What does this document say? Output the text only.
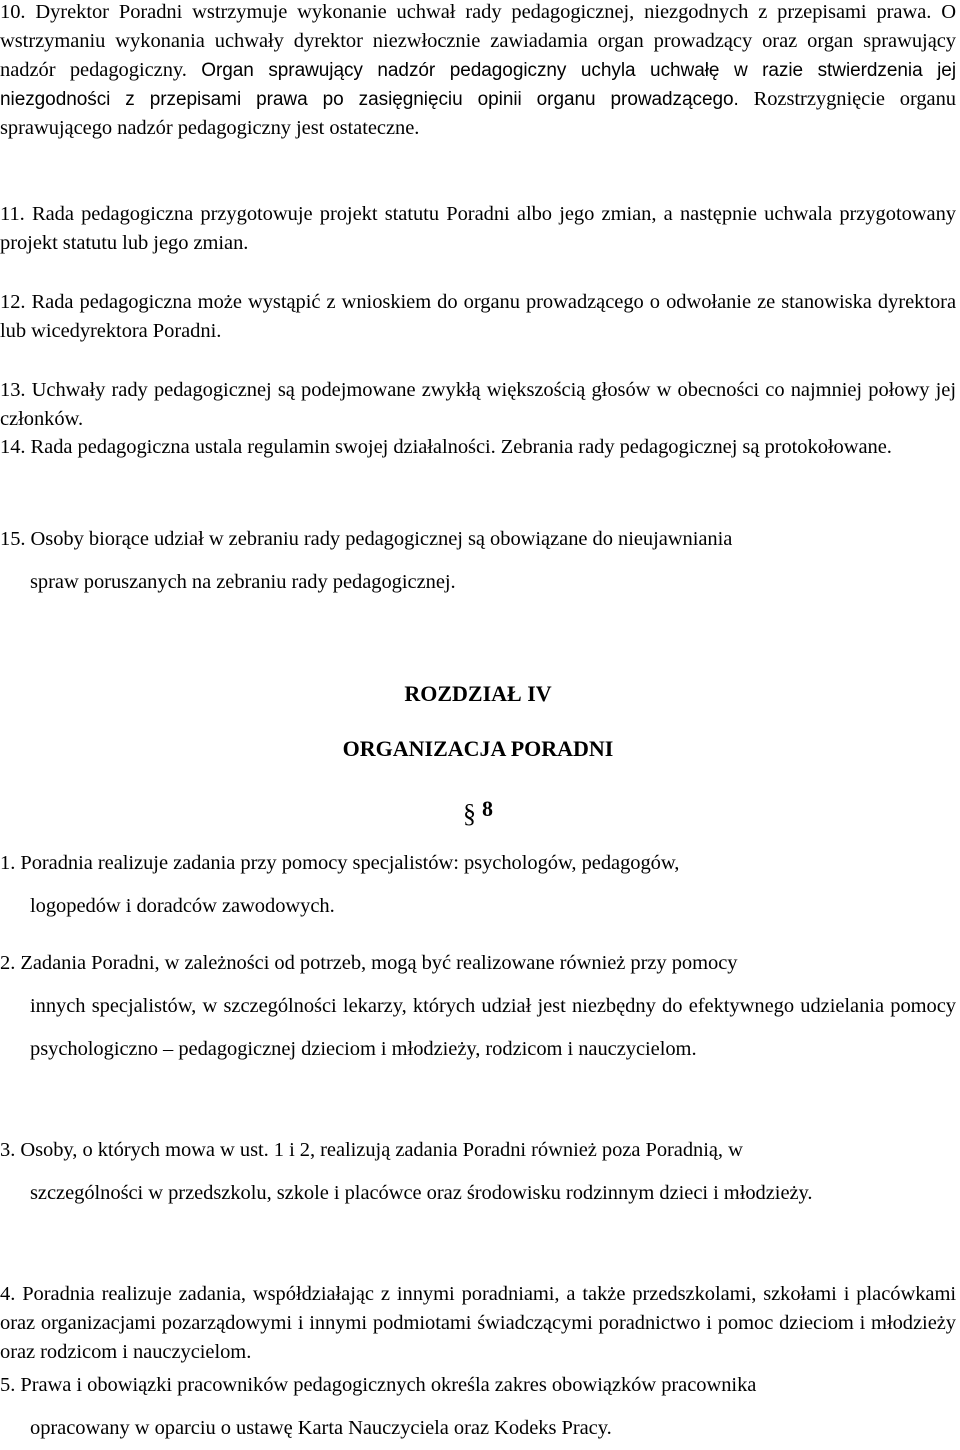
10. Dyrektor Poradni wstrzymuje wykonanie uchwał rady pedagogicznej, niezgodnych z przepisami prawa. O wstrzymaniu wykonania uchwały dyrektor niezwłocznie zawiadamia organ prowadzący oraz organ sprawujący nadzór pedagogiczny. Organ sprawujący nadzór pedagogiczny uchyla uchwałę w razie stwierdzenia jej niezgodności z przepisami prawa po zasięgnięciu opinii organu prowadzącego. Rozstrzygnięcie organu sprawującego nadzór pedagogiczny jest ostateczne.

11. Rada pedagogiczna przygotowuje projekt statutu Poradni albo jego zmian, a następnie uchwala przygotowany projekt statutu lub jego zmian.

12. Rada pedagogiczna może wystąpić z wnioskiem do organu prowadzącego o odwołanie ze stanowiska dyrektora lub wicedyrektora Poradni.

13. Uchwały rady pedagogicznej są podejmowane zwykłą większością głosów w obecności co najmniej połowy jej członków.

14. Rada pedagogiczna ustala regulamin swojej działalności. Zebrania rady pedagogicznej są protokołowane.

15. Osoby biorące udział w zebraniu rady pedagogicznej są obowiązane do nieujawniania
spraw poruszanych na zebraniu rady pedagogicznej.

ROZDZIAŁ IV

ORGANIZACJA PORADNI

§ 8

1. Poradnia realizuje zadania przy pomocy specjalistów: psychologów, pedagogów,
logopedów i doradców zawodowych.

2. Zadania Poradni, w zależności od potrzeb, mogą być realizowane również przy pomocy

innych specjalistów, w szczególności lekarzy, których udział jest niezbędny do efektywnego udzielania pomocy psychologiczno – pedagogicznej dzieciom i młodzieży, rodzicom i nauczycielom.

3. Osoby, o których mowa w ust. 1 i 2, realizują zadania Poradni również poza Poradnią, w

szczególności w przedszkolu, szkole i placówce oraz środowisku rodzinnym dzieci i młodzieży.

4. Poradnia realizuje zadania, współdziałając z innymi poradniami, a także przedszkolami, szkołami i placówkami oraz organizacjami pozarządowymi i innymi podmiotami świadczącymi poradnictwo i pomoc dzieciom i młodzieży oraz rodzicom i nauczycielom.

5. Prawa i obowiązki pracowników pedagogicznych określa zakres obowiązków pracownika
opracowany w oparciu o ustawę Karta Nauczyciela oraz Kodeks Pracy.
